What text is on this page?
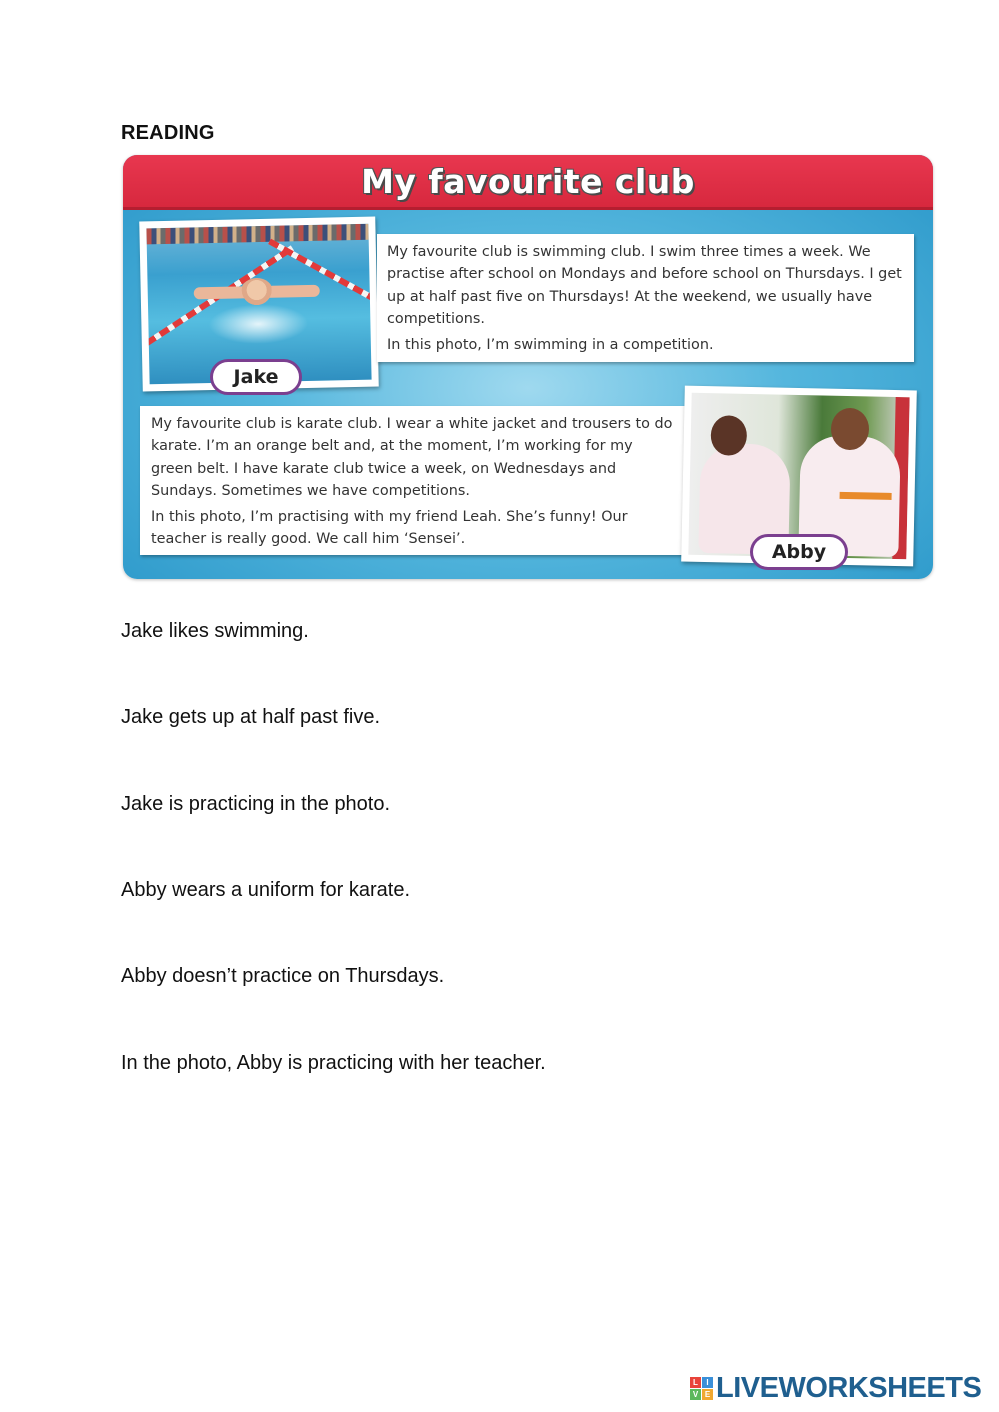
READING
My favourite club

My favourite club is swimming club. I swim three times a week. We practise after school on Mondays and before school on Thursdays. I get up at half past five on Thursdays! At the weekend, we usually have competitions.

In this photo, I’m swimming in a competition.

Jake

My favourite club is karate club. I wear a white jacket and trousers to do karate. I’m an orange belt and, at the moment, I’m working for my green belt. I have karate club twice a week, on Wednesdays and Sundays. Sometimes we have competitions.

In this photo, I’m practising with my friend Leah. She’s funny! Our teacher is really good. We call him ‘Sensei’.

Abby
Jake likes swimming.
Jake gets up at half past five.
Jake is practicing in the photo.
Abby wears a uniform for karate.
Abby doesn’t practice on Thursdays.
In the photo, Abby is practicing with her teacher.
L	I
V E LIVEWORKSHEETS
